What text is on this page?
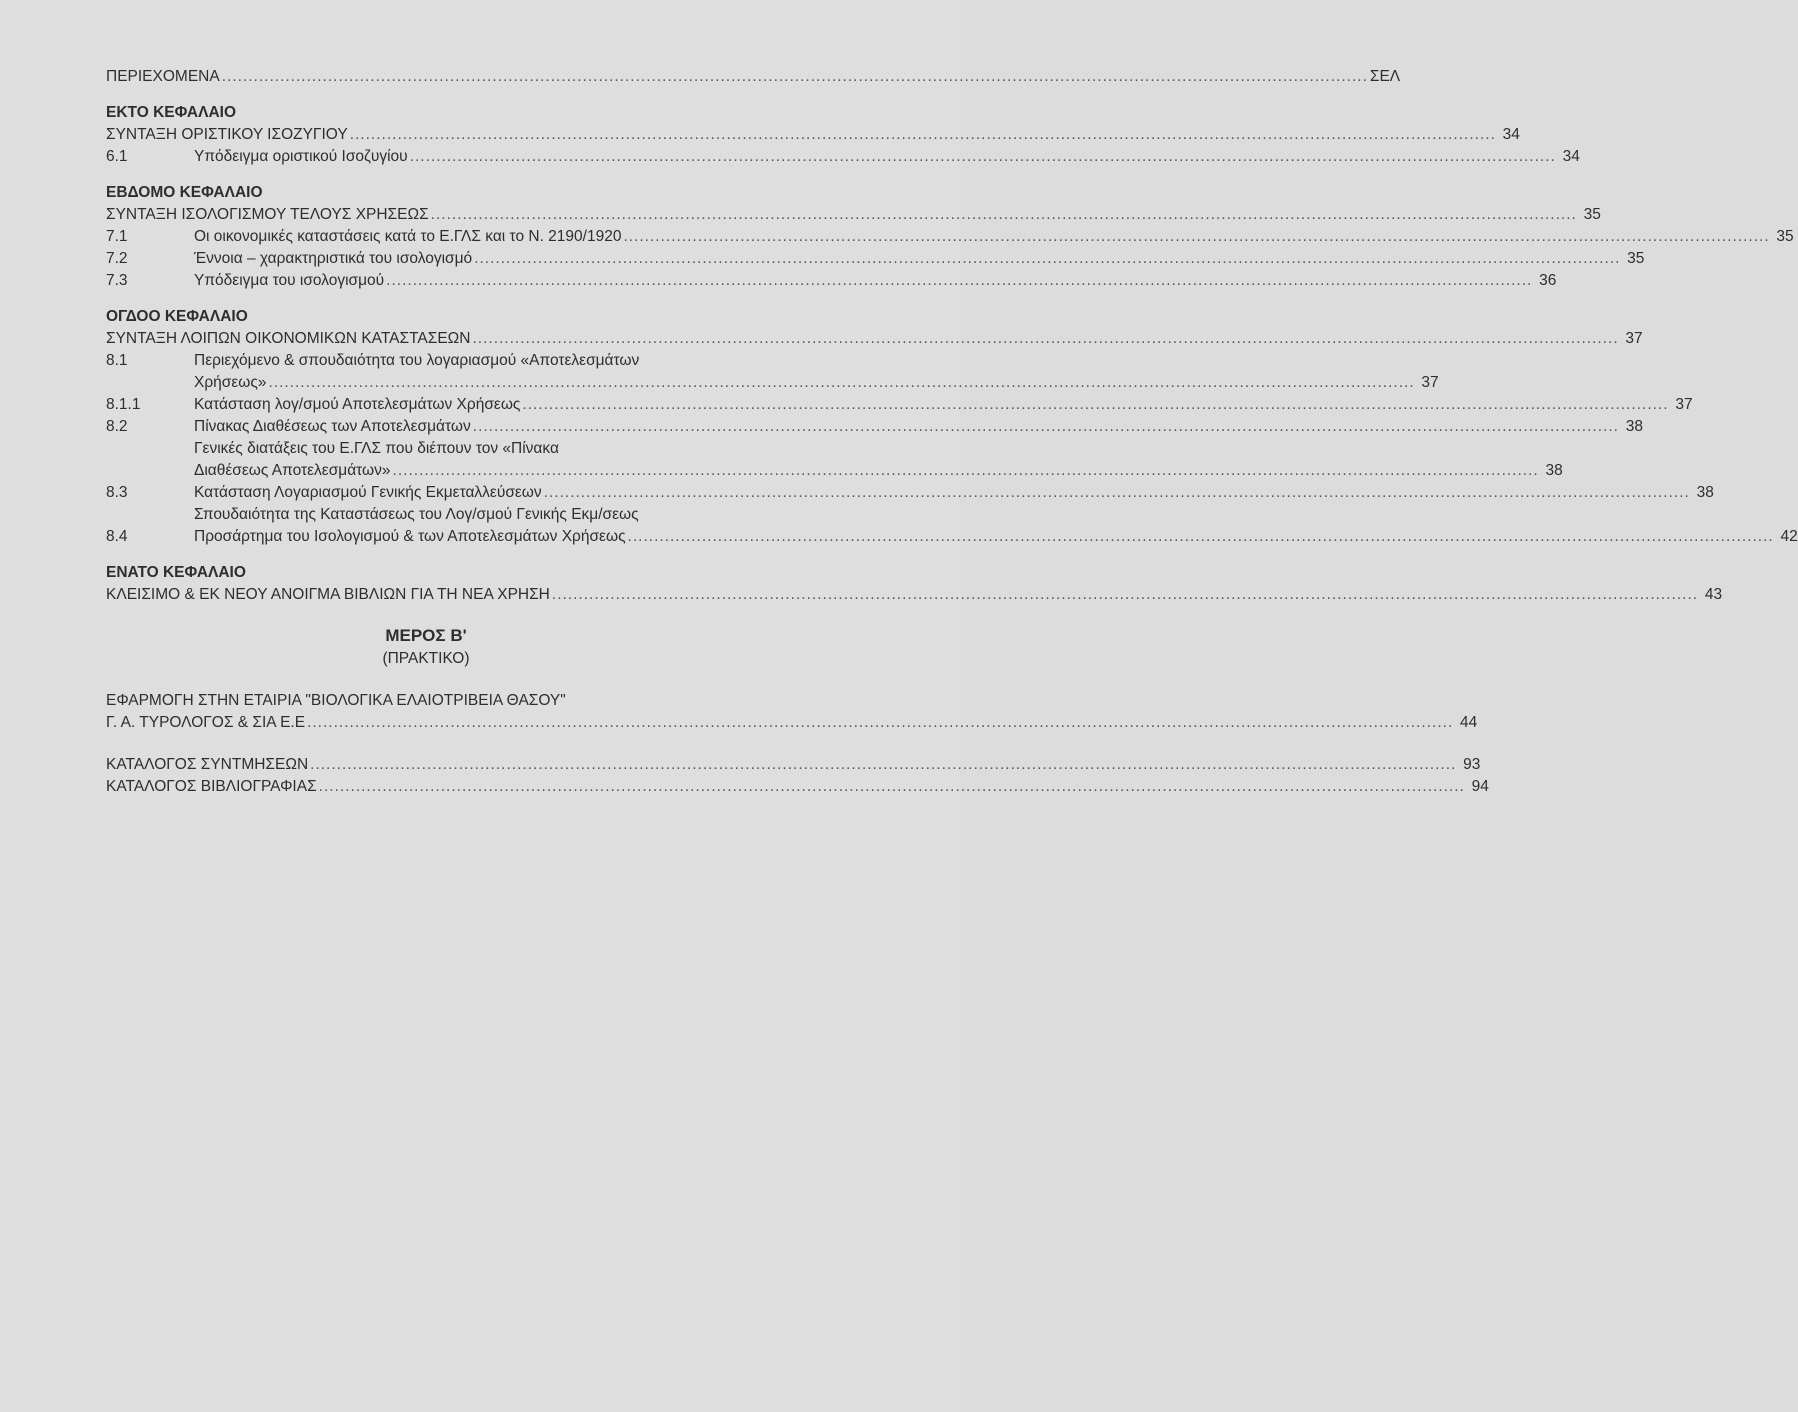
ΠΕΡΙΕΧΟΜΕΝΑ .....	ΣΕΛ
ΕΚΤΟ ΚΕΦΑΛΑΙΟ
ΣΥΝΤΑΞΗ ΟΡΙΣΤΙΚΟΥ ΙΣΟΖΥΓΙΟΥ .....	34
6.1	Υπόδειγμα οριστικού Ισοζυγίου .....	34
ΕΒΔΟΜΟ ΚΕΦΑΛΑΙΟ
ΣΥΝΤΑΞΗ ΙΣΟΛΟΓΙΣΜΟΥ ΤΕΛΟΥΣ ΧΡΗΣΕΩΣ .....	35
7.1	Οι οικονομικές καταστάσεις κατά το Ε.ΓΛΣ και το Ν. 2190/1920 .....	35
7.2	Έννοια – χαρακτηριστικά του ισολογισμό .....	35
7.3	Υπόδειγμα του ισολογισμού .....	36
ΟΓΔΟΟ ΚΕΦΑΛΑΙΟ
ΣΥΝΤΑΞΗ ΛΟΙΠΩΝ ΟΙΚΟΝΟΜΙΚΩΝ ΚΑΤΑΣΤΑΣΕΩΝ .....	37
8.1	Περιεχόμενο & σπουδαιότητα του λογαριασμού «Αποτελεσμάτων
Χρήσεως» .....	37
8.1.1	Κατάσταση λογ/σμού Αποτελεσμάτων Χρήσεως .....	37
8.2	Πίνακας Διαθέσεως των Αποτελεσμάτων .....	38
Γενικές διατάξεις του Ε.ΓΛΣ που διέπουν τον «Πίνακα
Διαθέσεως Αποτελεσμάτων» .....	38
8.3	Κατάσταση Λογαριασμού Γενικής Εκμεταλλεύσεων .....	38
Σπουδαιότητα της Καταστάσεως του Λογ/σμού Γενικής Εκμ/σεως
8.4	Προσάρτημα του Ισολογισμού & των Αποτελεσμάτων Χρήσεως .....	42
ΕΝΑΤΟ ΚΕΦΑΛΑΙΟ
ΚΛΕΙΣΙΜΟ & ΕΚ ΝΕΟΥ ΑΝΟΙΓΜΑ ΒΙΒΛΙΩΝ ΓΙΑ ΤΗ ΝΕΑ ΧΡΗΣΗ .....	43
ΜΕΡΟΣ Β'
(ΠΡΑΚΤΙΚΟ)
ΕΦΑΡΜΟΓΗ ΣΤΗΝ ΕΤΑΙΡΙΑ "ΒΙΟΛΟΓΙΚΑ ΕΛΑΙΟΤΡΙΒΕΙΑ ΘΑΣΟΥ"
Γ. Α. ΤΥΡΟΛΟΓΟΣ & ΣΙΑ Ε.Ε .....	44
ΚΑΤΑΛΟΓΟΣ ΣΥΝΤΜΗΣΕΩΝ .....	93
ΚΑΤΑΛΟΓΟΣ ΒΙΒΛΙΟΓΡΑΦΙΑΣ .....	94
